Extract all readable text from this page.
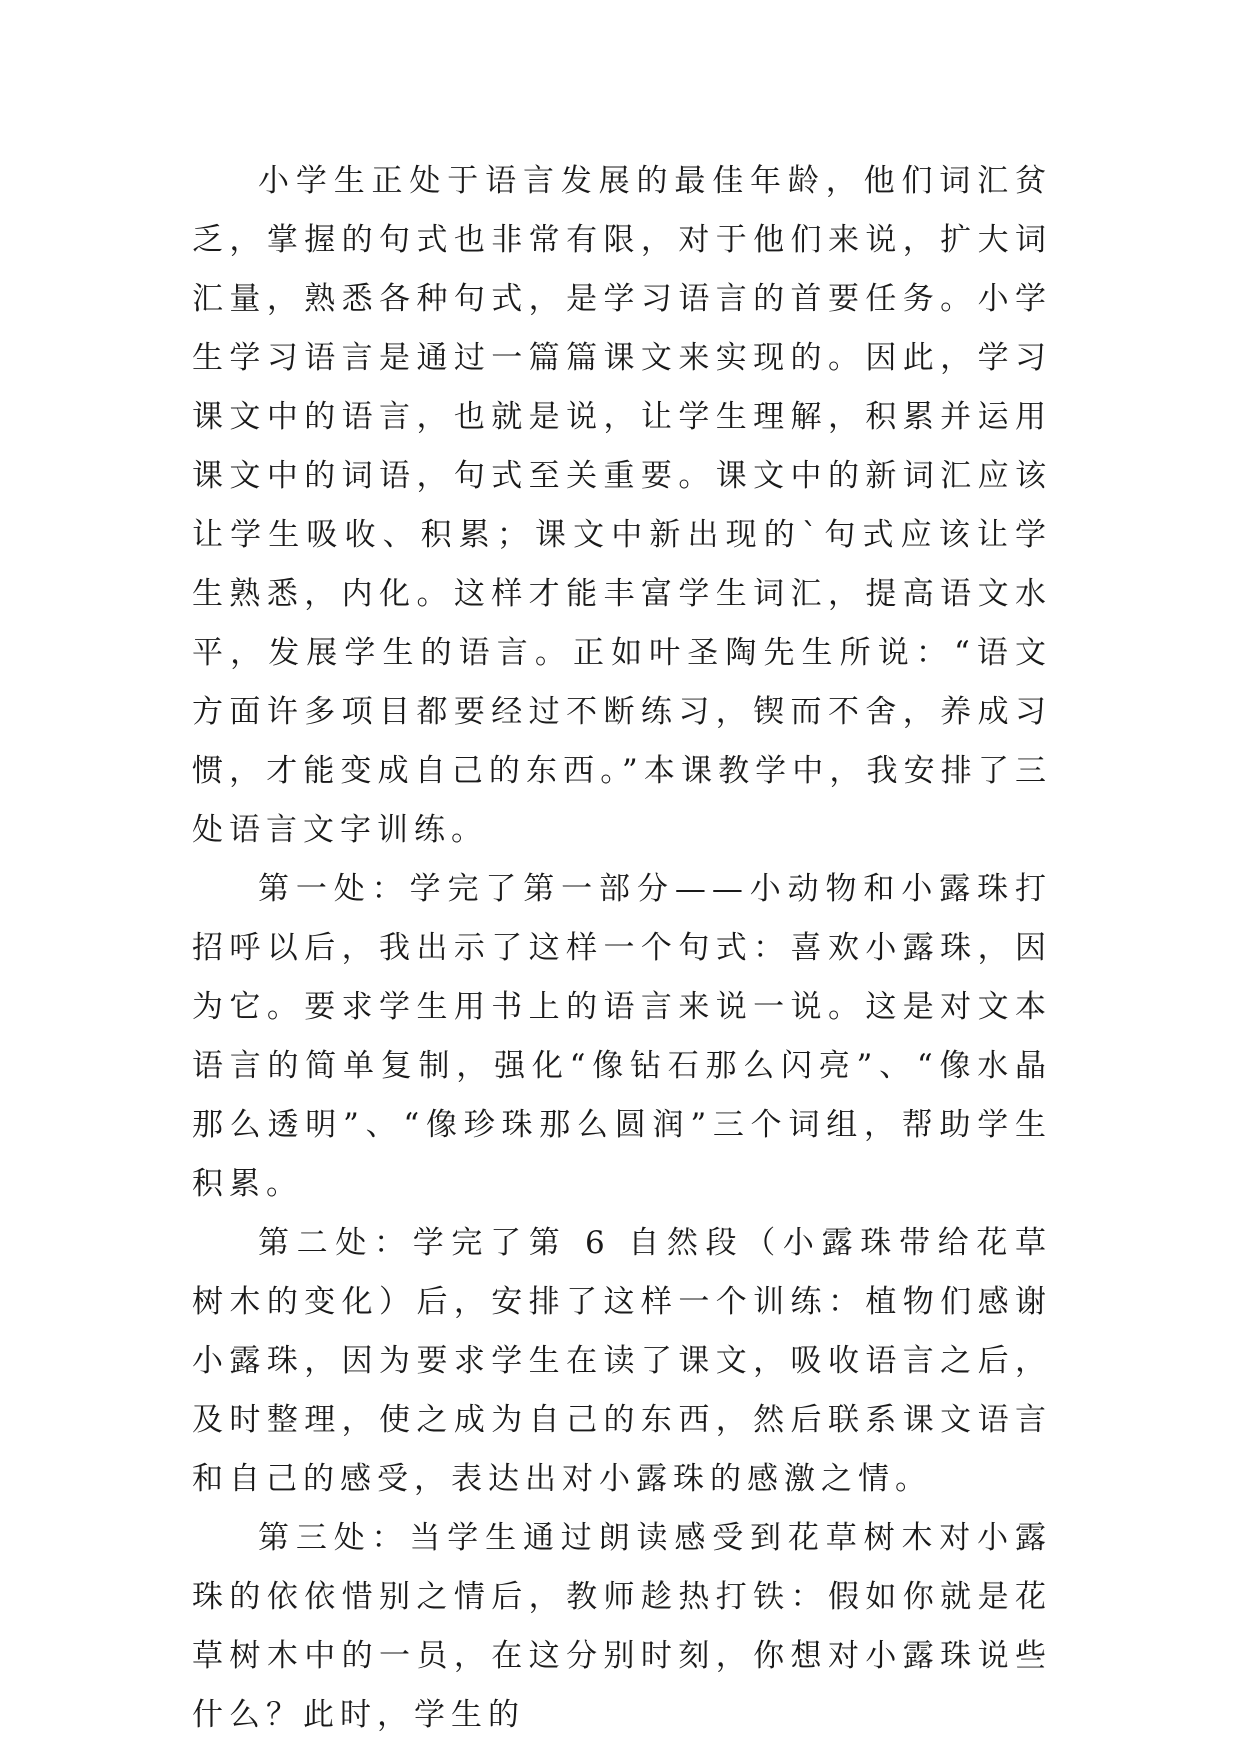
小学生正处于语言发展的最佳年龄，他们词汇贫乏，掌握的句式也非常有限，对于他们来说，扩大词汇量，熟悉各种句式，是学习语言的首要任务。小学生学习语言是通过一篇篇课文来实现的。因此，学习课文中的语言，也就是说，让学生理解，积累并运用课文中的词语，句式至关重要。课文中的新词汇应该让学生吸收、积累；课文中新出现的`句式应该让学生熟悉，内化。这样才能丰富学生词汇，提高语文水平，发展学生的语言。正如叶圣陶先生所说：“语文方面许多项目都要经过不断练习，锲而不舍，养成习惯，才能变成自己的东西。”本课教学中，我安排了三处语言文字训练。

第一处：学完了第一部分——小动物和小露珠打招呼以后，我出示了这样一个句式：喜欢小露珠，因为它。要求学生用书上的语言来说一说。这是对文本语言的简单复制，强化“像钻石那么闪亮”、“像水晶那么透明”、“像珍珠那么圆润”三个词组，帮助学生积累。

第二处：学完了第 6 自然段（小露珠带给花草树木的变化）后，安排了这样一个训练：植物们感谢小露珠，因为要求学生在读了课文，吸收语言之后，及时整理，使之成为自己的东西，然后联系课文语言和自己的感受，表达出对小露珠的感激之情。

第三处：当学生通过朗读感受到花草树木对小露珠的依依惜别之情后，教师趁热打铁：假如你就是花草树木中的一员，在这分别时刻，你想对小露珠说些什么？此时，学生的
